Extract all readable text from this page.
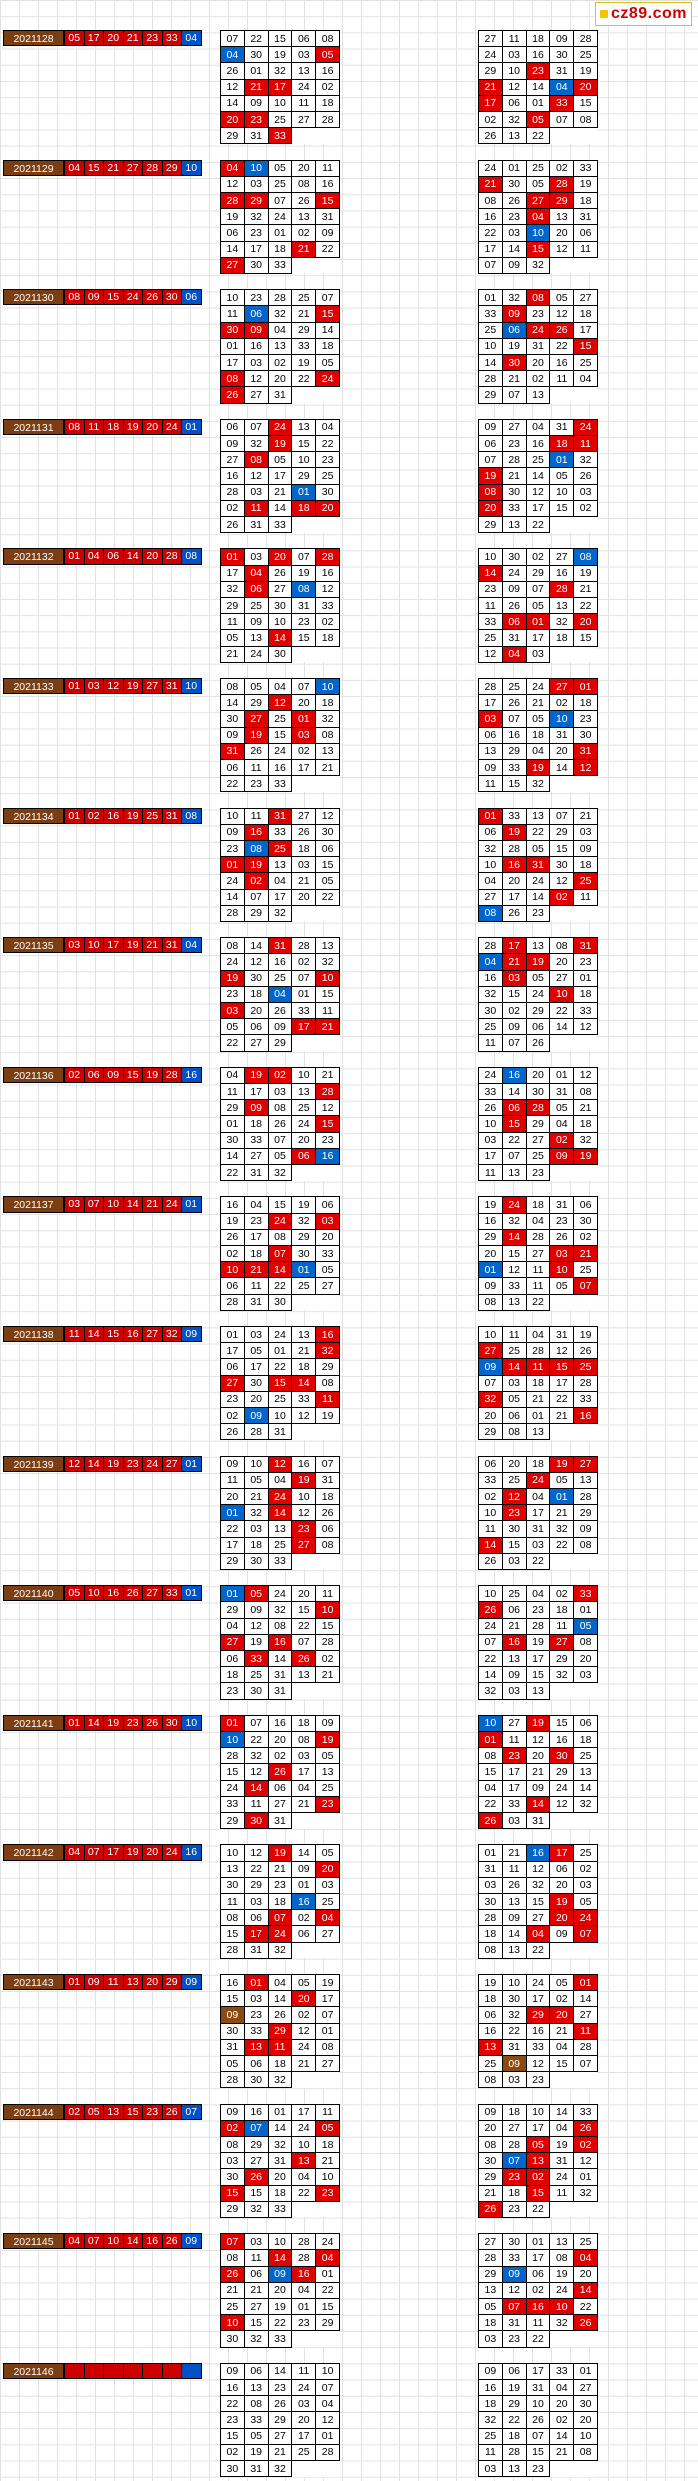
cz89.com
2021128	05 17 20 21 23 33 04	07	22	15	06	08
04	30	19	03	05
26	01	32	13	16
12	21	17	24	02
14	09	10	11	18
20	23	25	27	28
29	31	33		
27	11	18	09	28
24	03	16	30	25
29	10	23	31	19
21	12	14	04	20
17	06	01	33	15
02	32	05	07	08
26	13	22		
2021129	04 15 21 27 28 29 10	04	10	05	20	11
12	03	25	08	16
28	29	07	26	15
19	32	24	13	31
06	23	01	02	09
14	17	18	21	22
27	30	33		
24	01	25	02	33
21	30	05	28	19
08	26	27	29	18
16	23	04	13	31
22	03	10	20	06
17	14	15	12	11
07	09	32		
2021130	08 09 15 24 26 30 06	10	23	28	25	07
11	06	32	21	15
30	09	04	29	14
01	16	13	33	18
17	03	02	19	05
08	12	20	22	24
26	27	31		
01	32	08	05	27
33	09	23	12	18
25	06	24	26	17
10	19	31	22	15
14	30	20	16	25
28	21	02	11	04
29	07	13		
2021131	08 11 18 19 20 24 01	06	07	24	13	04
09	32	19	15	22
27	08	05	10	23
16	12	17	29	25
28	03	21	01	30
02	11	14	18	20
26	31	33		
09	27	04	31	24
06	23	16	18	11
07	28	25	01	32
19	21	14	05	26
08	30	12	10	03
20	33	17	15	02
29	13	22		
2021132	01 04 06 14 20 28 08	01	03	20	07	28
17	04	26	19	16
32	06	27	08	12
29	25	30	31	33
11	09	10	23	02
05	13	14	15	18
21	24	30		
10	30	02	27	08
14	24	29	16	19
23	09	07	28	21
11	26	05	13	22
33	06	01	32	20
25	31	17	18	15
12	04	03		
2021133	01 03 12 19 27 31 10	08	05	04	07	10
14	29	12	20	18
30	27	25	01	32
09	19	15	03	08
31	26	24	02	13
06	11	16	17	21
22	23	33		
28	25	24	27	01
17	26	21	02	18
03	07	05	10	23
06	16	18	31	30
13	29	04	20	31
09	33	19	14	12
11	15	32		
2021134	01 02 16 19 25 31 08	10	11	31	27	12
09	16	33	26	30
23	08	25	18	06
01	19	13	03	15
24	02	04	21	05
14	07	17	20	22
28	29	32		
01	33	13	07	21
06	19	22	29	03
32	28	05	15	09
10	16	31	30	18
04	20	24	12	25
27	17	14	02	11
08	26	23		
2021135	03 10 17 19 21 31 04	08	14	31	28	13
24	12	16	02	32
19	30	25	07	10
23	18	04	01	15
03	20	26	33	11
05	06	09	17	21
22	27	29		
28	17	13	08	31
04	21	19	20	23
16	03	05	27	01
32	15	24	10	18
30	02	29	22	33
25	09	06	14	12
11	07	26		
2021136	02 06 09 15 19 28 16	04	19	02	10	21
11	17	03	13	28
29	09	08	25	12
01	18	26	24	15
30	33	07	20	23
14	27	05	06	16
22	31	32		
24	16	20	01	12
33	14	30	31	08
26	06	28	05	21
10	15	29	04	18
03	22	27	02	32
17	07	25	09	19
11	13	23		
2021137	03 07 10 14 21 24 01	16	04	15	19	06
19	23	24	32	03
26	17	08	29	20
02	18	07	30	33
10	21	14	01	05
06	11	22	25	27
28	31	30		
19	24	18	31	06
16	32	04	23	30
29	14	28	26	02
20	15	27	03	21
01	12	11	10	25
09	33	11	05	07
08	13	22		
2021138	11 14 15 16 27 32 09	01	03	24	13	16
17	05	01	21	32
06	17	22	18	29
27	30	15	14	08
23	20	25	33	11
02	09	10	12	19
26	28	31		
10	11	04	31	19
27	25	28	12	26
09	14	11	15	25
07	03	18	17	28
32	05	21	22	33
20	06	01	21	16
29	08	13		
2021139	12 14 19 23 24 27 01	09	10	12	16	07
11	05	04	19	31
20	21	24	10	18
01	32	14	12	26
22	03	13	23	06
17	18	25	27	08
29	30	33		
06	20	18	19	27
33	25	24	05	13
02	12	04	01	28
10	23	17	21	29
11	30	31	32	09
14	15	03	22	08
26	03	22		
2021140	05 10 16 26 27 33 01	01	05	24	20	11
29	09	32	15	10
04	12	08	22	15
27	19	16	07	28
06	33	14	26	02
18	25	31	13	21
23	30	31		
10	25	04	02	33
26	06	23	18	01
24	21	28	11	05
07	16	19	27	08
22	13	17	29	20
14	09	15	32	03
32	03	13		
2021141	01 14 19 23 26 30 10	01	07	16	18	09
10	22	20	08	19
28	32	02	03	05
15	12	26	17	13
24	14	06	04	25
33	11	27	21	23
29	30	31		
10	27	19	15	06
01	11	12	16	18
08	23	20	30	25
15	17	21	29	13
04	17	09	24	14
22	33	14	12	32
26	03	31		
2021142	04 07 17 19 20 24 16	10	12	19	14	05
13	22	21	09	20
30	29	23	01	03
11	03	18	16	25
08	06	07	02	04
15	17	24	06	27
28	31	32		
01	21	16	17	25
31	11	12	06	02
03	26	32	20	03
30	13	15	19	05
28	09	27	20	24
18	14	04	09	07
08	13	22		
2021143	01 09 11 13 20 29 09	16	01	04	05	19
15	03	14	20	17
09	23	26	02	07
30	33	29	12	01
31	13	11	24	08
05	06	18	21	27
28	30	32		
19	10	24	05	01
18	30	17	02	14
06	32	29	20	27
16	22	16	21	11
13	31	33	04	28
25	09	12	15	07
08	03	23		
2021144	02 05 13 15 23 26 07	09	16	01	17	11
02	07	14	24	05
08	29	32	10	18
03	27	31	13	21
30	26	20	04	10
15	15	18	22	23
29	32	33		
09	18	10	14	33
20	27	17	04	26
08	28	05	19	02
30	07	13	31	12
29	23	02	24	01
21	18	15	11	32
26	23	22		
2021145	04 07 10 14 16 26 09	07	03	10	28	24
08	11	14	28	04
26	06	09	16	01
21	21	20	04	22
25	27	19	01	15
10	15	22	23	29
30	32	33		
27	30	01	13	25
28	33	17	08	04
29	09	06	19	20
13	12	02	24	14
05	07	16	10	22
18	31	11	32	26
03	23	22		
2021146	09	06	14	11	10
16	13	23	24	07
22	08	26	03	04
23	33	29	20	12
15	05	27	17	01
02	19	21	25	28
30	31	32		
09	06	17	33	01
16	19	31	04	27
18	29	10	20	30
32	22	26	02	20
25	18	07	14	10
11	28	15	21	08
03	13	23		
